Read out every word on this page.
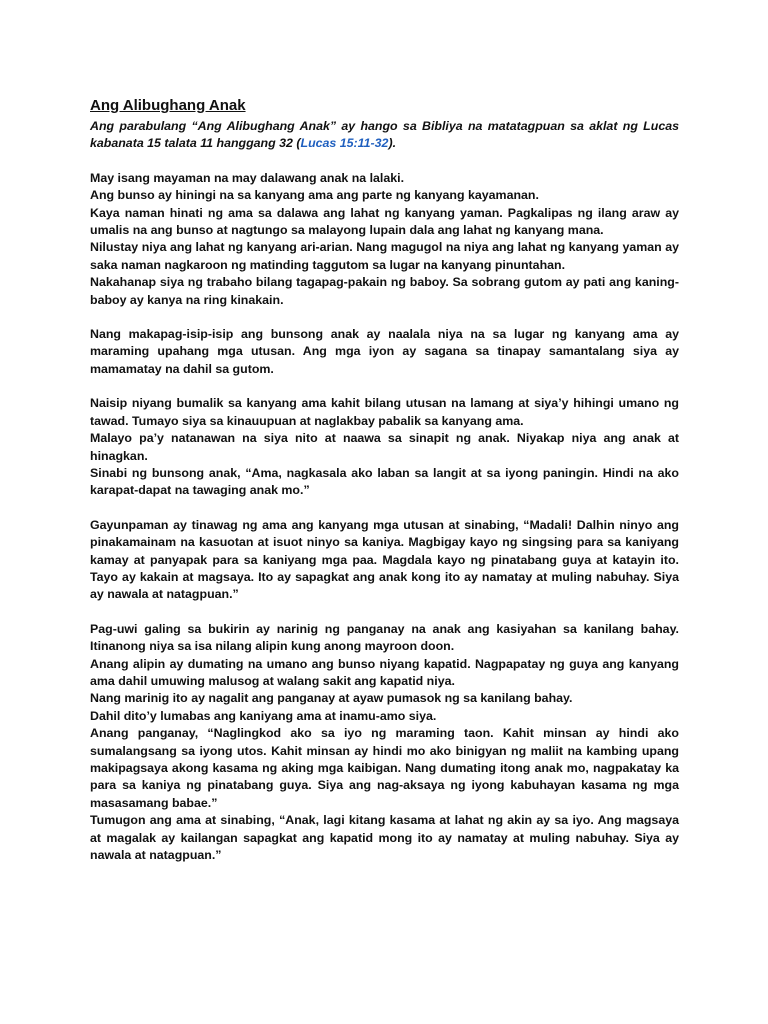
Ang Alibughang Anak

Ang parabulang “Ang Alibughang Anak” ay hango sa Bibliya na matatagpuan sa aklat ng Lucas kabanata 15 talata 11 hanggang 32 (Lucas 15:11-32).

May isang mayaman na may dalawang anak na lalaki.

Ang bunso ay hiningi na sa kanyang ama ang parte ng kanyang kayamanan.

Kaya naman hinati ng ama sa dalawa ang lahat ng kanyang yaman. Pagkalipas ng ilang araw ay umalis na ang bunso at nagtungo sa malayong lupain dala ang lahat ng kanyang mana.

Nilustay niya ang lahat ng kanyang ari-arian. Nang magugol na niya ang lahat ng kanyang yaman ay saka naman nagkaroon ng matinding taggutom sa lugar na kanyang pinuntahan.

Nakahanap siya ng trabaho bilang tagapag-pakain ng baboy. Sa sobrang gutom ay pati ang kaning-baboy ay kanya na ring kinakain.

Nang makapag-isip-isip ang bunsong anak ay naalala niya na sa lugar ng kanyang ama ay maraming upahang mga utusan. Ang mga iyon ay sagana sa tinapay samantalang siya ay mamamatay na dahil sa gutom.

Naisip niyang bumalik sa kanyang ama kahit bilang utusan na lamang at siya’y hihingi umano ng tawad. Tumayo siya sa kinauupuan at naglakbay pabalik sa kanyang ama.

Malayo pa’y natanawan na siya nito at naawa sa sinapit ng anak. Niyakap niya ang anak at hinagkan.

Sinabi ng bunsong anak, “Ama, nagkasala ako laban sa langit at sa iyong paningin. Hindi na ako karapat-dapat na tawaging anak mo.”

Gayunpaman ay tinawag ng ama ang kanyang mga utusan at sinabing, “Madali! Dalhin ninyo ang pinakamainam na kasuotan at isuot ninyo sa kaniya. Magbigay kayo ng singsing para sa kaniyang kamay at panyapak para sa kaniyang mga paa. Magdala kayo ng pinatabang guya at katayin ito. Tayo ay kakain at magsaya. Ito ay sapagkat ang anak kong ito ay namatay at muling nabuhay. Siya ay nawala at natagpuan.”

Pag-uwi galing sa bukirin ay narinig ng panganay na anak ang kasiyahan sa kanilang bahay. Itinanong niya sa isa nilang alipin kung anong mayroon doon.

Anang alipin ay dumating na umano ang bunso niyang kapatid. Nagpapatay ng guya ang kanyang ama dahil umuwing malusog at walang sakit ang kapatid niya.

Nang marinig ito ay nagalit ang panganay at ayaw pumasok ng sa kanilang bahay.

Dahil dito’y lumabas ang kaniyang ama at inamu-amo siya.

Anang panganay, “Naglingkod ako sa iyo ng maraming taon. Kahit minsan ay hindi ako sumalangsang sa iyong utos. Kahit minsan ay hindi mo ako binigyan ng maliit na kambing upang makipagsaya akong kasama ng aking mga kaibigan. Nang dumating itong anak mo, nagpakatay ka para sa kaniya ng pinatabang guya. Siya ang nag-aksaya ng iyong kabuhayan kasama ng mga masasamang babae.”

Tumugon ang ama at sinabing, “Anak, lagi kitang kasama at lahat ng akin ay sa iyo. Ang magsaya at magalak ay kailangan sapagkat ang kapatid mong ito ay namatay at muling nabuhay. Siya ay nawala at natagpuan.”
